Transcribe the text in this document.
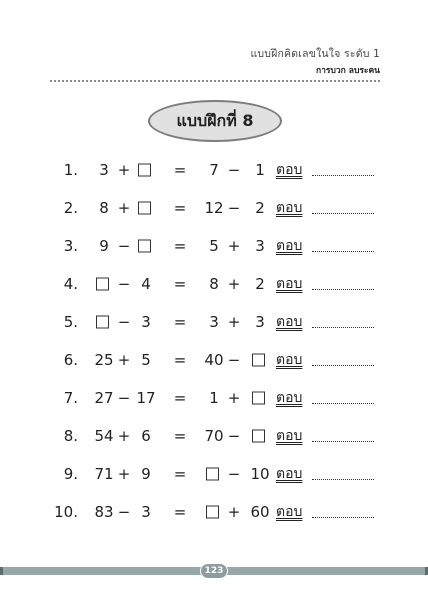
แบบฝึกคิดเลขในใจ ระดับ 1
การบวก ลบระคน
แบบฝึกที่ 8
1.	3 +	=	7 − 1 ตอบ
2.	8 +	=	12 − 2 ตอบ
3.	9 −	=	5 + 3 ตอบ
4.	− 4	=	8 + 2 ตอบ
5.	− 3	=	3 + 3 ตอบ
6.	25 + 5	=	40 −	ตอบ
7.	27 − 17	=	1 +	ตอบ
8.	54 + 6	=	70 −	ตอบ
9.	71 + 9	=	− 10 ตอบ
10.	83 − 3	=	+ 60 ตอบ
123
